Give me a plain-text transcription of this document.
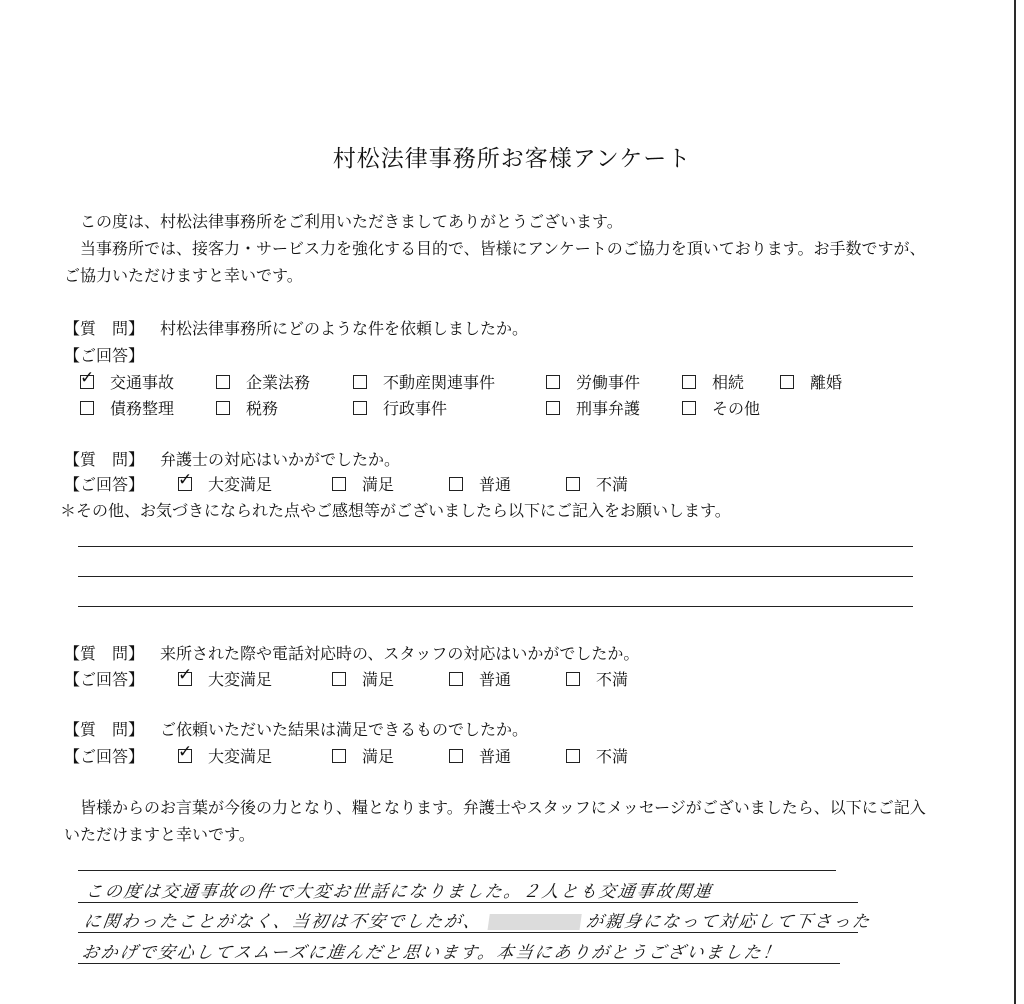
村松法律事務所お客様アンケート

この度は、村松法律事務所をご利用いただきましてありがとうございます。

当事務所では、接客力・サービス力を強化する目的で、皆様にアンケートのご協力を頂いております。お手数ですが、ご協力いただけますと幸いです。

【質　問】 村松法律事務所にどのような件を依頼しましたか。
【ご回答】
✓ 交通事故	企業法務	不動産関連事件	労働事件	相続	離婚
債務整理	税務	行政事件	刑事弁護	その他
【質　問】 弁護士の対応はいかがでしたか。
【ご回答】 ✓ 大変満足	満足	普通	不満
＊その他、お気づきになられた点やご感想等がございましたら以下にご記入をお願いします。
【質　問】 来所された際や電話対応時の、スタッフの対応はいかがでしたか。
【ご回答】 ✓ 大変満足	満足	普通	不満
【質　問】 ご依頼いただいた結果は満足できるものでしたか。
【ご回答】 ✓ 大変満足	満足	普通	不満

皆様からのお言葉が今後の力となり、糧となります。弁護士やスタッフにメッセージがございましたら、以下にご記入いただけますと幸いです。

この度は交通事故の件で大変お世話になりました。２人とも交通事故関連
に関わったことがなく、当初は不安でしたが、	が親身になって対応して下さった
おかげで安心してスムーズに進んだと思います。本当にありがとうございました！
